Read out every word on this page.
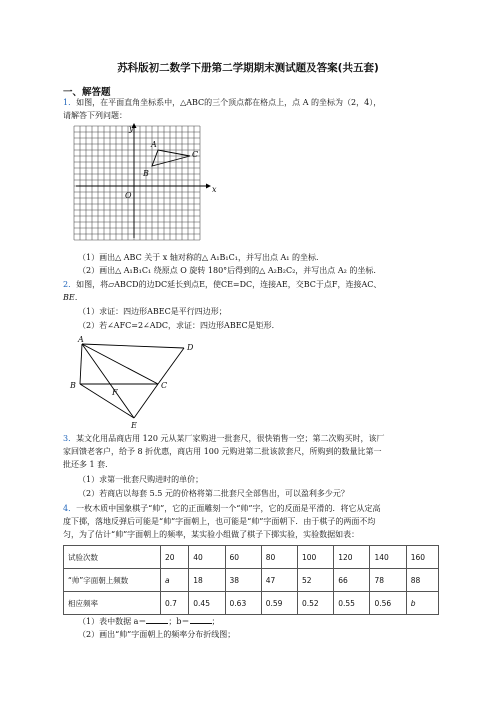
苏科版初二数学下册第二学期期末测试题及答案(共五套)
一、解答题
1．如图，在平面直角坐标系中，△ABC的三个顶点都在格点上，点 A 的坐标为（2，4），
请解答下列问题：
y
x
O
A
B
C
（1）画出△ ABC 关于 x 轴对称的△ A₁B₁C₁，并写出点 A₁ 的坐标.
（2）画出△ A₁B₁C₁ 绕原点 O 旋转 180°后得到的△ A₂B₂C₂，并写出点 A₂ 的坐标.
2．如图，将▱ABCD的边DC延长到点E，使CE=DC，连接AE，交BC于点F，连接AC、
BE．
（1）求证：四边形ABEC是平行四边形；
（2）若∠AFC=2∠ADC，求证：四边形ABEC是矩形．
A
D
B	C
F
E
3．某文化用品商店用 120 元从某厂家购进一批套尺，很快销售一空；第二次购买时，该厂
家回馈老客户，给予 8 折优惠，商店用 100 元购进第二批该款套尺，所购到的数量比第一
批还多 1 套．
（1）求第一批套尺购进时的单价；
（2）若商店以每套 5.5 元的价格将第二批套尺全部售出，可以盈利多少元？
4．一枚木质中国象棋子“帅”，它的正面雕刻一个“帅”字，它的反面是平滑的．将它从定高
度下掷，落地反弹后可能是“帅”字面朝上，也可能是“帅”字面朝下．由于棋子的两面不均
匀，为了估计“帅”字面朝上的频率，某实验小组做了棋子下掷实验，实验数据如表：
试验次数	20	40	60	80	100	120	140	160
“帅”字面朝上频数	a	18	38	47	52	66	78	88
相应频率	0.7	0.45	0.63	0.59	0.52	0.55	0.56	b
（1）表中数据 a＝	；b＝	；
（2）画出“帅”字面朝上的频率分布折线图；
